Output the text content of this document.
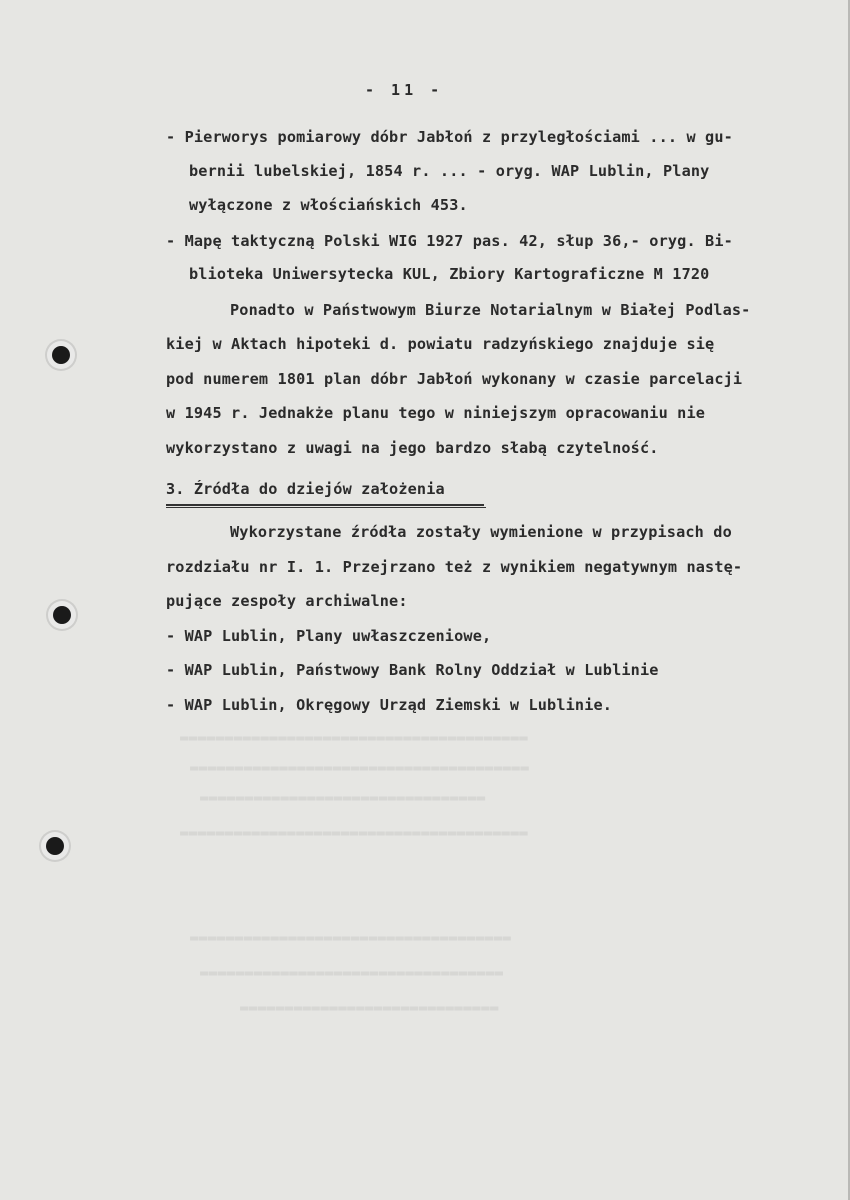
▬▬▬▬▬▬▬▬▬▬▬▬▬▬▬▬▬▬▬▬▬▬▬▬▬▬▬▬▬▬▬▬▬▬▬▬▬▬▬
▬▬▬▬▬▬▬▬▬▬▬▬▬▬▬▬▬▬▬▬▬▬▬▬▬▬▬▬▬▬▬▬▬▬▬▬▬▬
▬▬▬▬▬▬▬▬▬▬▬▬▬▬▬▬▬▬▬▬▬▬▬▬▬▬▬▬▬▬▬▬
▬▬▬▬▬▬▬▬▬▬▬▬▬▬▬▬▬▬▬▬▬▬▬▬▬▬▬▬▬▬▬▬▬▬▬▬▬▬▬
▬▬▬▬▬▬▬▬▬▬▬▬▬▬▬▬▬▬▬▬▬▬▬▬▬▬▬▬▬▬▬▬▬▬▬▬
▬▬▬▬▬▬▬▬▬▬▬▬▬▬▬▬▬▬▬▬▬▬▬▬▬▬▬▬▬▬▬▬▬▬
▬▬▬▬▬▬▬▬▬▬▬▬▬▬▬▬▬▬▬▬▬▬▬▬▬▬▬▬▬
- 11 -
- Pierworys pomiarowy dóbr Jabłoń z przyległościami ... w gu-
bernii lubelskiej, 1854 r. ... - oryg. WAP Lublin, Plany
wyłączone z włościańskich 453.
- Mapę taktyczną Polski WIG 1927 pas. 42, słup 36,- oryg. Bi-
blioteka Uniwersytecka KUL, Zbiory Kartograficzne M 1720
Ponadto w Państwowym Biurze Notarialnym w Białej Podlas-
kiej w Aktach hipoteki d. powiatu radzyńskiego znajduje się
pod numerem 1801 plan dóbr Jabłoń wykonany w czasie parcelacji
w 1945 r. Jednakże planu tego w niniejszym opracowaniu nie
wykorzystano z uwagi na jego bardzo słabą czytelność.
3. Źródła do dziejów założenia
Wykorzystane źródła zostały wymienione w przypisach do
rozdziału nr I. 1. Przejrzano też z wynikiem negatywnym nastę-
pujące zespoły archiwalne:
- WAP Lublin, Plany uwłaszczeniowe,
- WAP Lublin, Państwowy Bank Rolny Oddział w Lublinie
- WAP Lublin, Okręgowy Urząd Ziemski w Lublinie.
